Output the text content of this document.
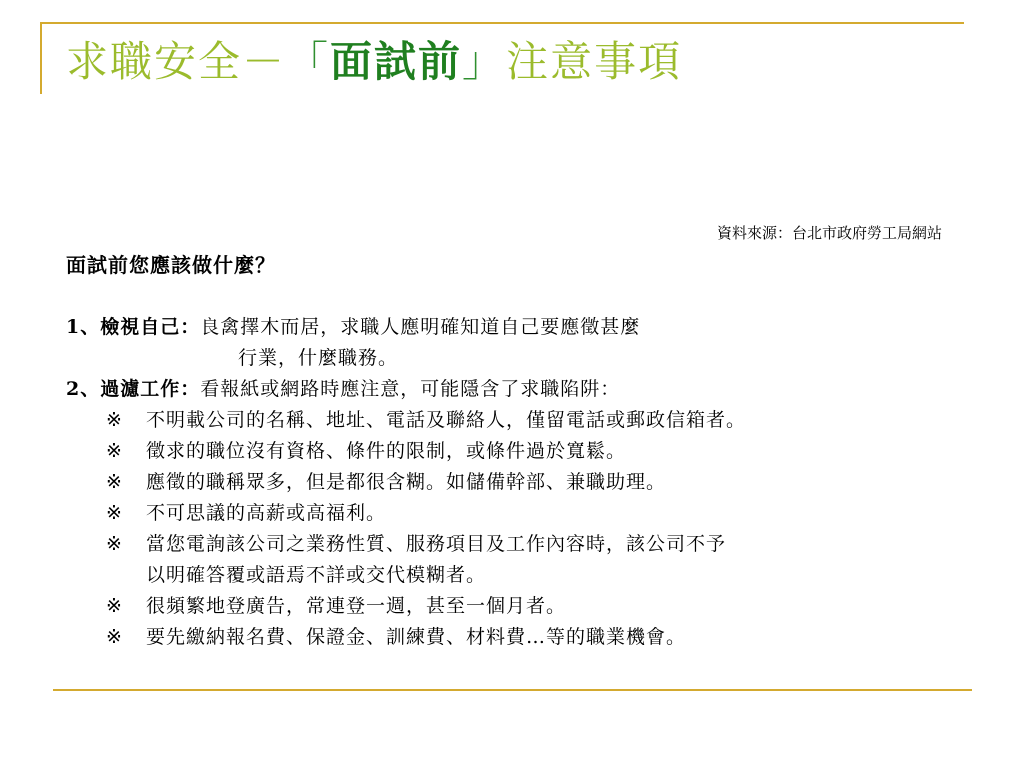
求職安全－「面試前」注意事項
資料來源：台北市政府勞工局網站

面試前您應該做什麼？

1、檢視自己：良禽擇木而居，求職人應明確知道自己要應徵甚麼

行業，什麼職務。

2、過濾工作：看報紙或網路時應注意，可能隱含了求職陷阱：

※ 不明載公司的名稱、地址、電話及聯絡人，僅留電話或郵政信箱者。

※ 徵求的職位沒有資格、條件的限制，或條件過於寬鬆。

※ 應徵的職稱眾多，但是都很含糊。如儲備幹部、兼職助理。

※ 不可思議的高薪或高福利。

※ 當您電詢該公司之業務性質、服務項目及工作內容時，該公司不予

以明確答覆或語焉不詳或交代模糊者。

※ 很頻繁地登廣告，常連登一週，甚至一個月者。

※ 要先繳納報名費、保證金、訓練費、材料費…等的職業機會。
